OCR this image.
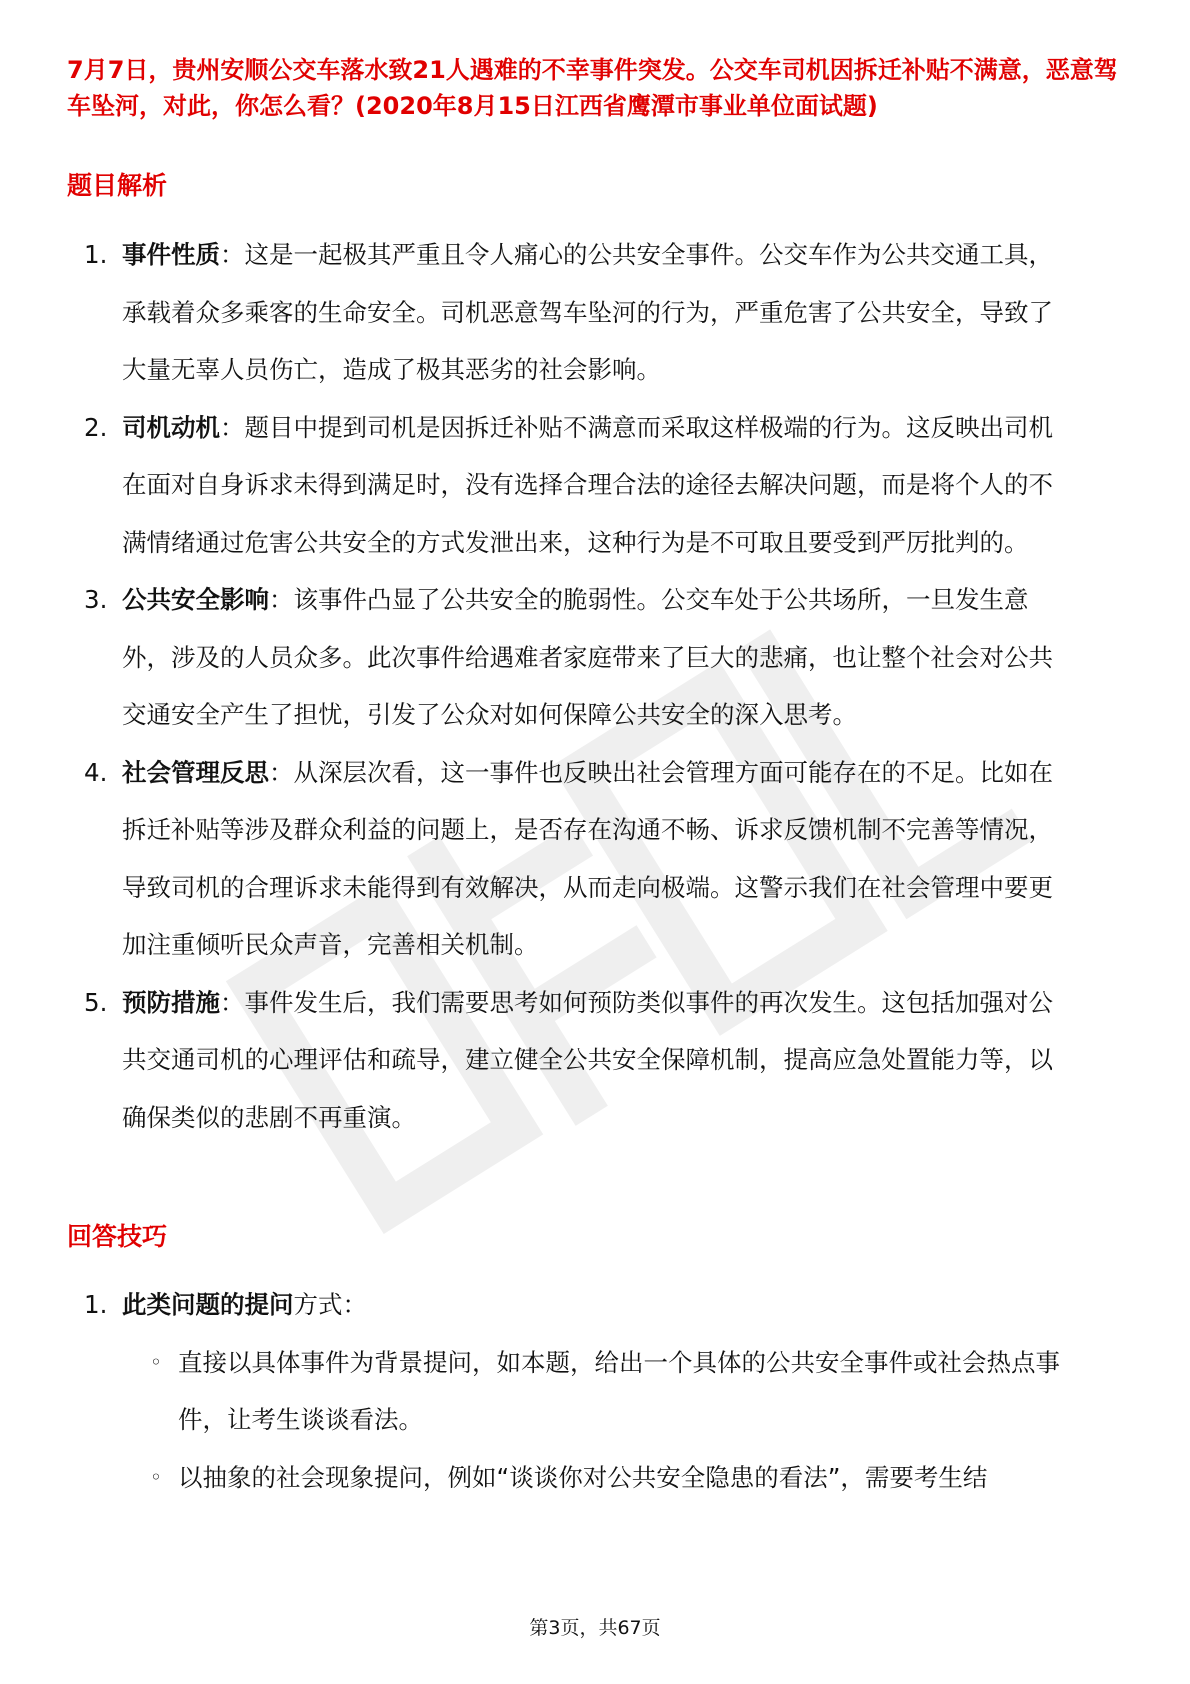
7月7日，贵州安顺公交车落水致21人遇难的不幸事件突发。公交车司机因拆迁补贴不满意，恶意驾车坠河，对此，你怎么看？(2020年8月15日江西省鹰潭市事业单位面试题)
题目解析
1. 事件性质：这是一起极其严重且令人痛心的公共安全事件。公交车作为公共交通工具，承载着众多乘客的生命安全。司机恶意驾车坠河的行为，严重危害了公共安全，导致了大量无辜人员伤亡，造成了极其恶劣的社会影响。
2. 司机动机：题目中提到司机是因拆迁补贴不满意而采取这样极端的行为。这反映出司机在面对自身诉求未得到满足时，没有选择合理合法的途径去解决问题，而是将个人的不满情绪通过危害公共安全的方式发泄出来，这种行为是不可取且要受到严厉批判的。
3. 公共安全影响：该事件凸显了公共安全的脆弱性。公交车处于公共场所，一旦发生意外，涉及的人员众多。此次事件给遇难者家庭带来了巨大的悲痛，也让整个社会对公共交通安全产生了担忧，引发了公众对如何保障公共安全的深入思考。
4. 社会管理反思：从深层次看，这一事件也反映出社会管理方面可能存在的不足。比如在拆迁补贴等涉及群众利益的问题上，是否存在沟通不畅、诉求反馈机制不完善等情况，导致司机的合理诉求未能得到有效解决，从而走向极端。这警示我们在社会管理中要更加注重倾听民众声音，完善相关机制。
5. 预防措施：事件发生后，我们需要思考如何预防类似事件的再次发生。这包括加强对公共交通司机的心理评估和疏导，建立健全公共安全保障机制，提高应急处置能力等，以确保类似的悲剧不再重演。
回答技巧
1. 此类问题的提问方式：
◦ 直接以具体事件为背景提问，如本题，给出一个具体的公共安全事件或社会热点事件，让考生谈谈看法。
◦ 以抽象的社会现象提问，例如“谈谈你对公共安全隐患的看法”，需要考生结
第3页，共67页
